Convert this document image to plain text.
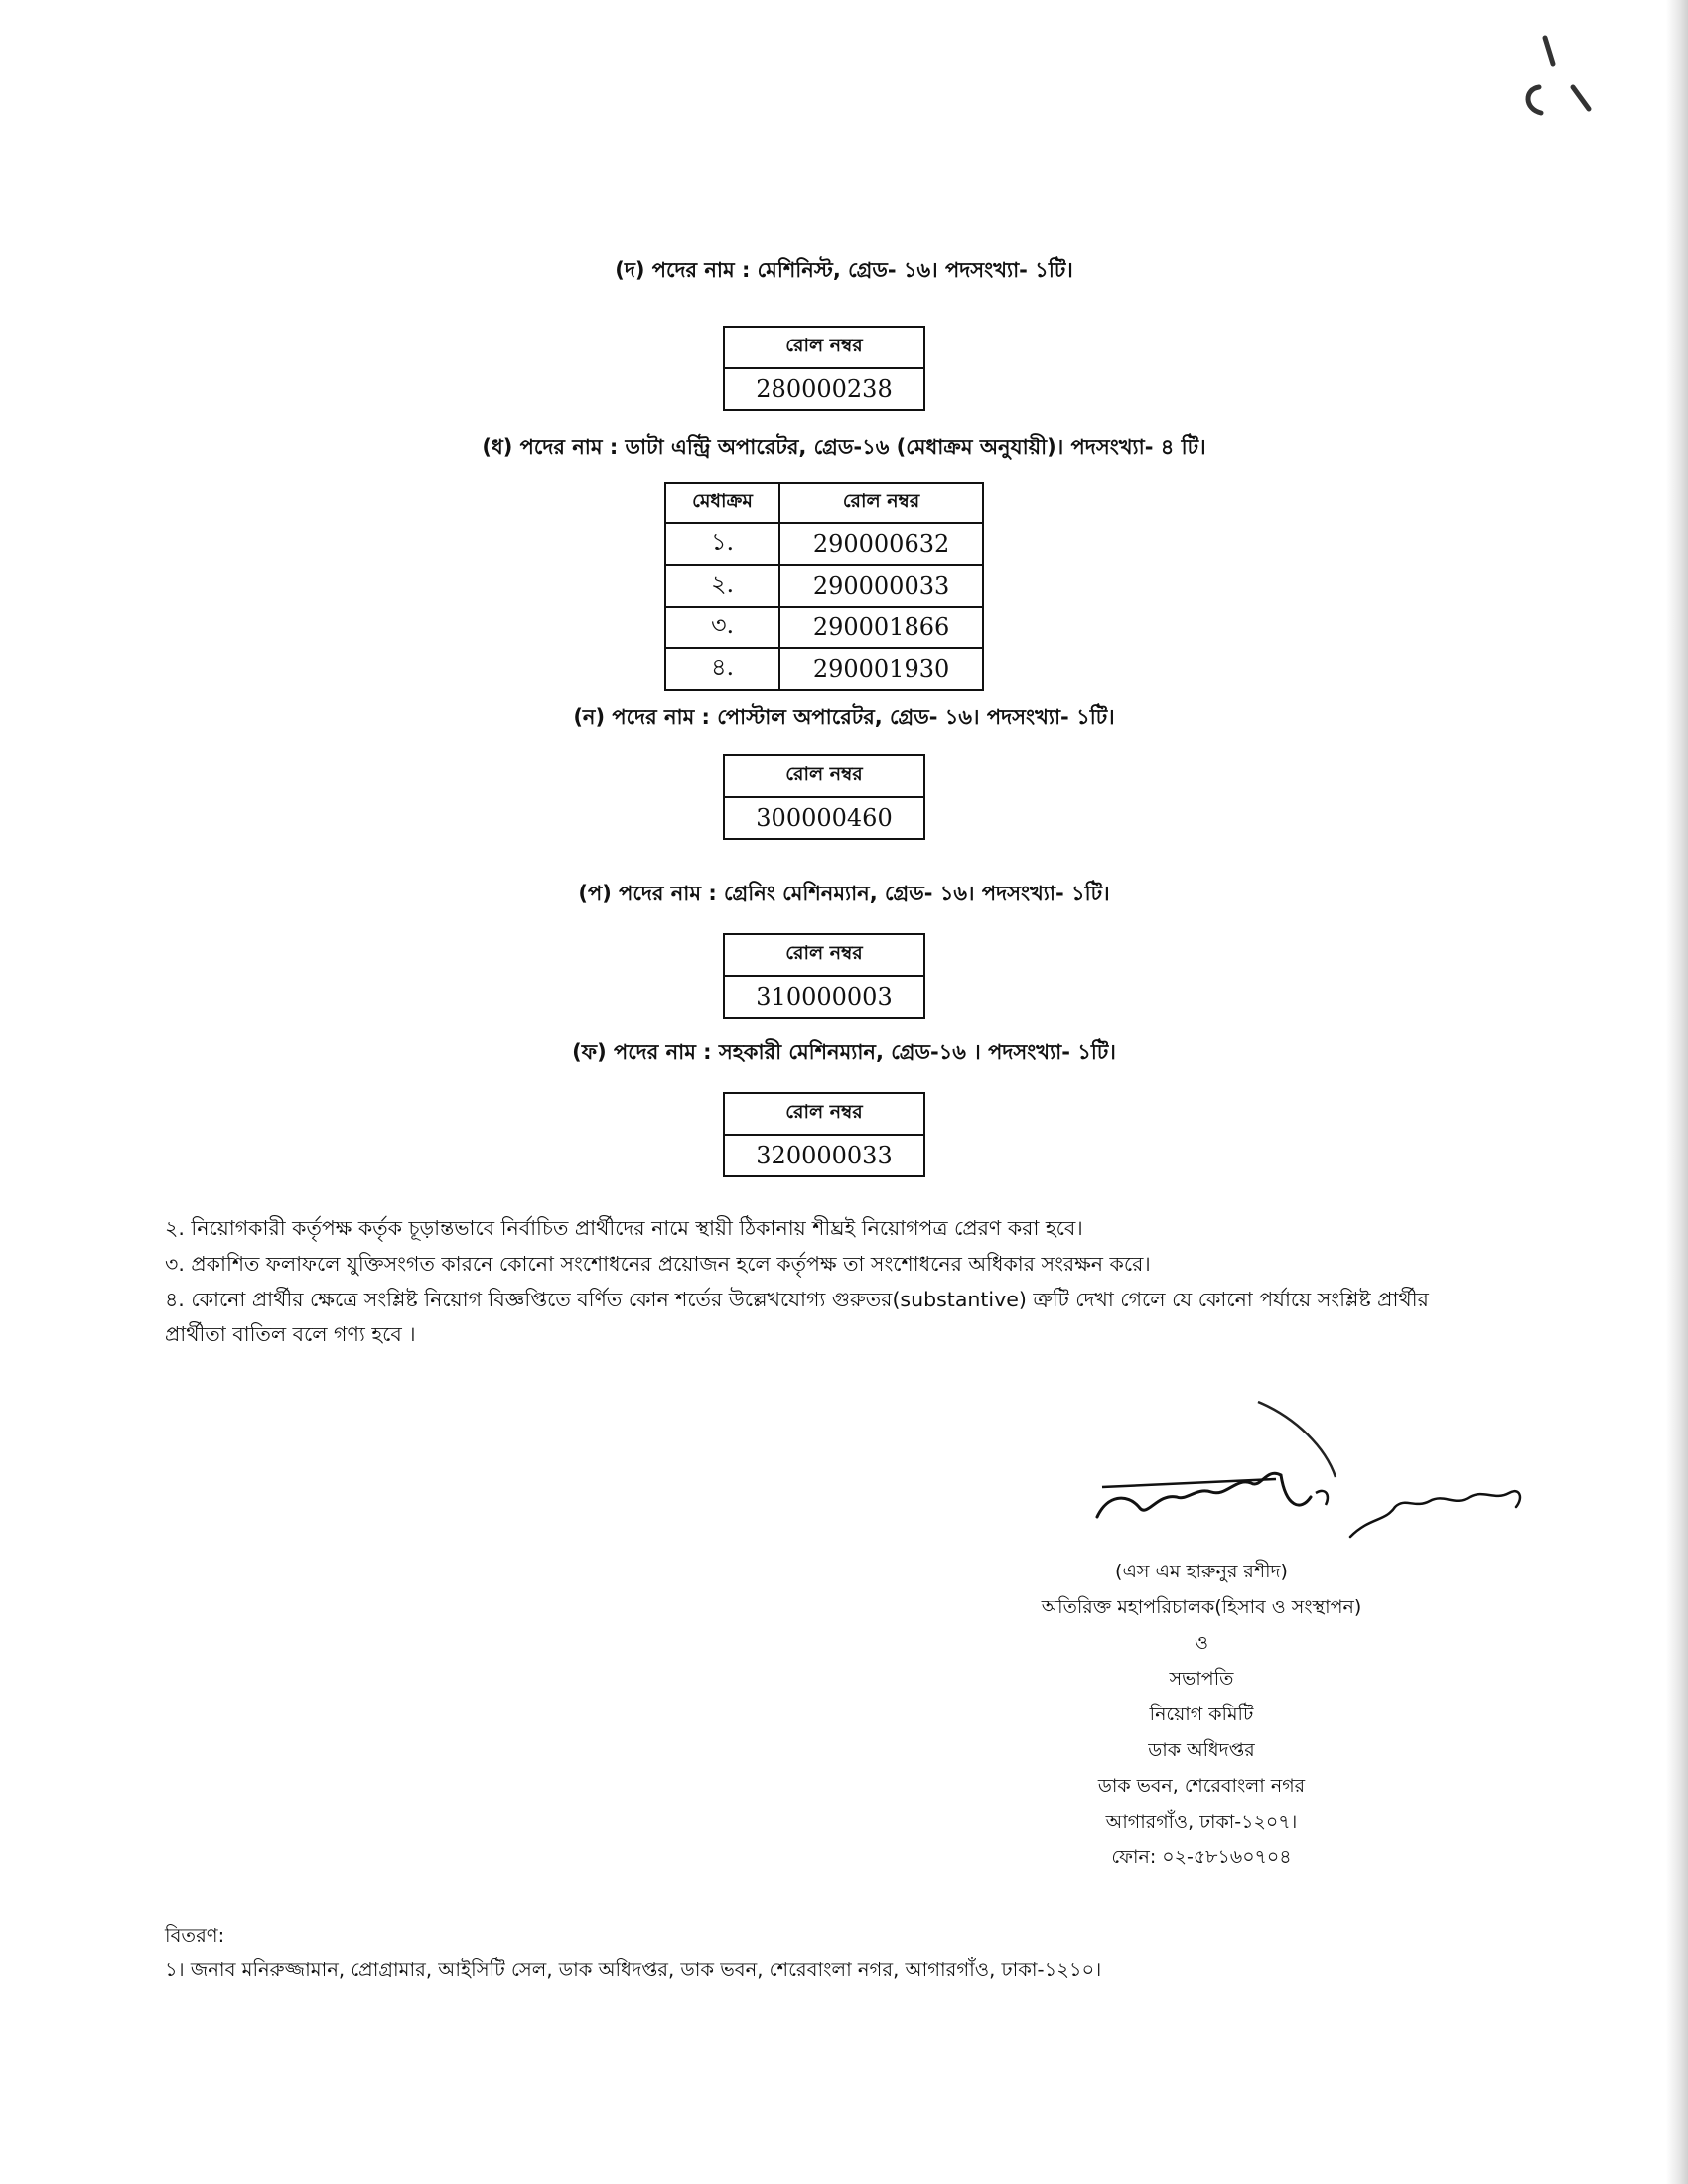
(দ) পদের নাম : মেশিনিস্ট, গ্রেড- ১৬। পদসংখ্যা- ১টি।
রোল নম্বর
280000238
(ধ) পদের নাম : ডাটা এন্ট্রি অপারেটর, গ্রেড-১৬ (মেধাক্রম অনুযায়ী)। পদসংখ্যা- ৪ টি।
মেধাক্রম	রোল নম্বর
১.	290000632
২.	290000033
৩.	290001866
৪.	290001930
(ন) পদের নাম : পোস্টাল অপারেটর, গ্রেড- ১৬। পদসংখ্যা- ১টি।
রোল নম্বর
300000460
(প) পদের নাম : গ্রেনিং মেশিনম্যান, গ্রেড- ১৬। পদসংখ্যা- ১টি।
রোল নম্বর
310000003
(ফ) পদের নাম : সহকারী মেশিনম্যান, গ্রেড-১৬ । পদসংখ্যা- ১টি।
রোল নম্বর
320000033
২. নিয়োগকারী কর্তৃপক্ষ কর্তৃক চূড়ান্তভাবে নির্বাচিত প্রার্থীদের নামে স্থায়ী ঠিকানায় শীঘ্রই নিয়োগপত্র প্রেরণ করা হবে।
৩. প্রকাশিত ফলাফলে যুক্তিসংগত কারনে কোনো সংশোধনের প্রয়োজন হলে কর্তৃপক্ষ তা সংশোধনের অধিকার সংরক্ষন করে।
৪. কোনো প্রার্থীর ক্ষেত্রে সংশ্লিষ্ট নিয়োগ বিজ্ঞপ্তিতে বর্ণিত কোন শর্তের উল্লেখযোগ্য গুরুতর(substantive) ত্রুটি দেখা গেলে যে কোনো পর্যায়ে সংশ্লিষ্ট প্রার্থীর প্রার্থীতা বাতিল বলে গণ্য হবে ।
(এস এম হারুনুর রশীদ)
অতিরিক্ত মহাপরিচালক(হিসাব ও সংস্থাপন)
ও
সভাপতি
নিয়োগ কমিটি
ডাক অধিদপ্তর
ডাক ভবন, শেরেবাংলা নগর
আগারগাঁও, ঢাকা-১২০৭।
ফোন: ০২-৫৮১৬০৭০৪
বিতরণ:
১। জনাব মনিরুজ্জামান, প্রোগ্রামার, আইসিটি সেল, ডাক অধিদপ্তর, ডাক ভবন, শেরেবাংলা নগর, আগারগাঁও, ঢাকা-১২১০।
